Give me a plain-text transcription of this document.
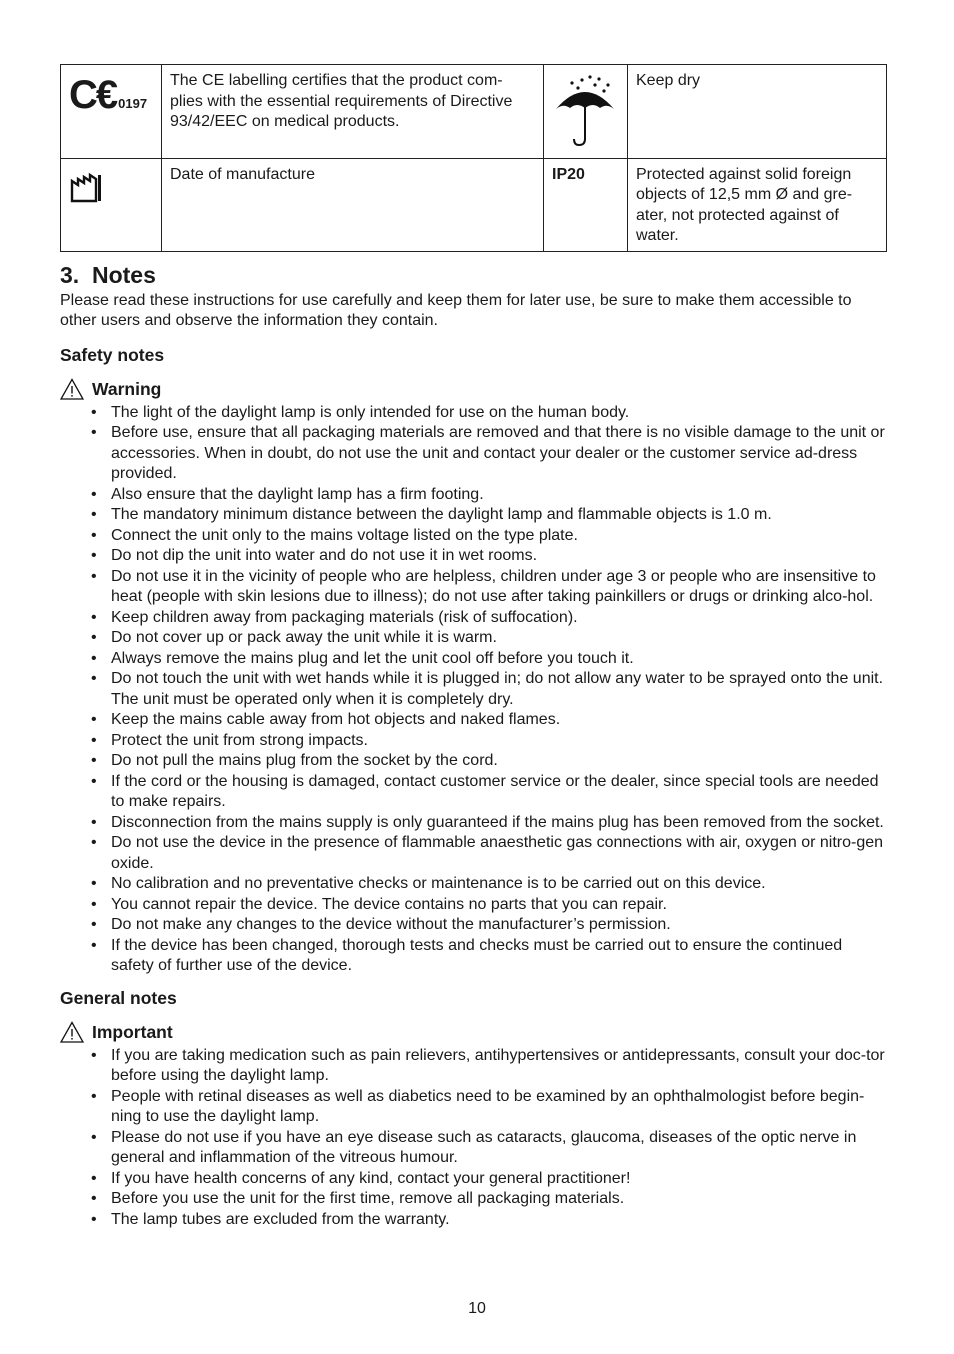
C€ 0197	The CE labelling certifies that the product com-
plies with the essential requirements of Directive
93/42/EEC on medical products.		Keep dry
	Date of manufacture	IP20	Protected against solid foreign
objects of 12,5 mm Ø and gre-
ater, not protected against of
water.
3.  Notes

Please read these instructions for use carefully and keep them for later use, be sure to make them accessible to other users and observe the information they contain.

Safety notes
Warning
• The light of the daylight lamp is only intended for use on the human body.
• Before use, ensure that all packaging materials are removed and that there is no visible damage to the unit or accessories. When in doubt, do not use the unit and contact your dealer or the customer service ad-dress provided.
• Also ensure that the daylight lamp has a firm footing.
• The mandatory minimum distance between the daylight lamp and flammable objects is 1.0 m.
• Connect the unit only to the mains voltage listed on the type plate.
• Do not dip the unit into water and do not use it in wet rooms.
• Do not use it in the vicinity of people who are helpless, children under age 3 or people who are insensitive to heat (people with skin lesions due to illness); do not use after taking painkillers or drugs or drinking alco-hol.
• Keep children away from packaging materials (risk of suffocation).
• Do not cover up or pack away the unit while it is warm.
• Always remove the mains plug and let the unit cool off before you touch it.
• Do not touch the unit with wet hands while it is plugged in; do not allow any water to be sprayed onto the unit. The unit must be operated only when it is completely dry.
• Keep the mains cable away from hot objects and naked flames.
• Protect the unit from strong impacts.
• Do not pull the mains plug from the socket by the cord.
• If the cord or the housing is damaged, contact customer service or the dealer, since special tools are needed to make repairs.
• Disconnection from the mains supply is only guaranteed if the mains plug has been removed from the socket.
• Do not use the device in the presence of flammable anaesthetic gas connections with air, oxygen or nitro-gen oxide.
• No calibration and no preventative checks or maintenance is to be carried out on this device.
• You cannot repair the device. The device contains no parts that you can repair.
• Do not make any changes to the device without the manufacturer’s permission.
• If the device has been changed, thorough tests and checks must be carried out to ensure the continued safety of further use of the device.
General notes
Important
• If you are taking medication such as pain relievers, antihypertensives or antidepressants, consult your doc-tor before using the daylight lamp.
• People with retinal diseases as well as diabetics need to be examined by an ophthalmologist before begin-ning to use the daylight lamp.
• Please do not use if you have an eye disease such as cataracts, glaucoma, diseases of the optic nerve in general and inflammation of the vitreous humour.
• If you have health concerns of any kind, contact your general practitioner!
• Before you use the unit for the first time, remove all packaging materials.
• The lamp tubes are excluded from the warranty.
10
